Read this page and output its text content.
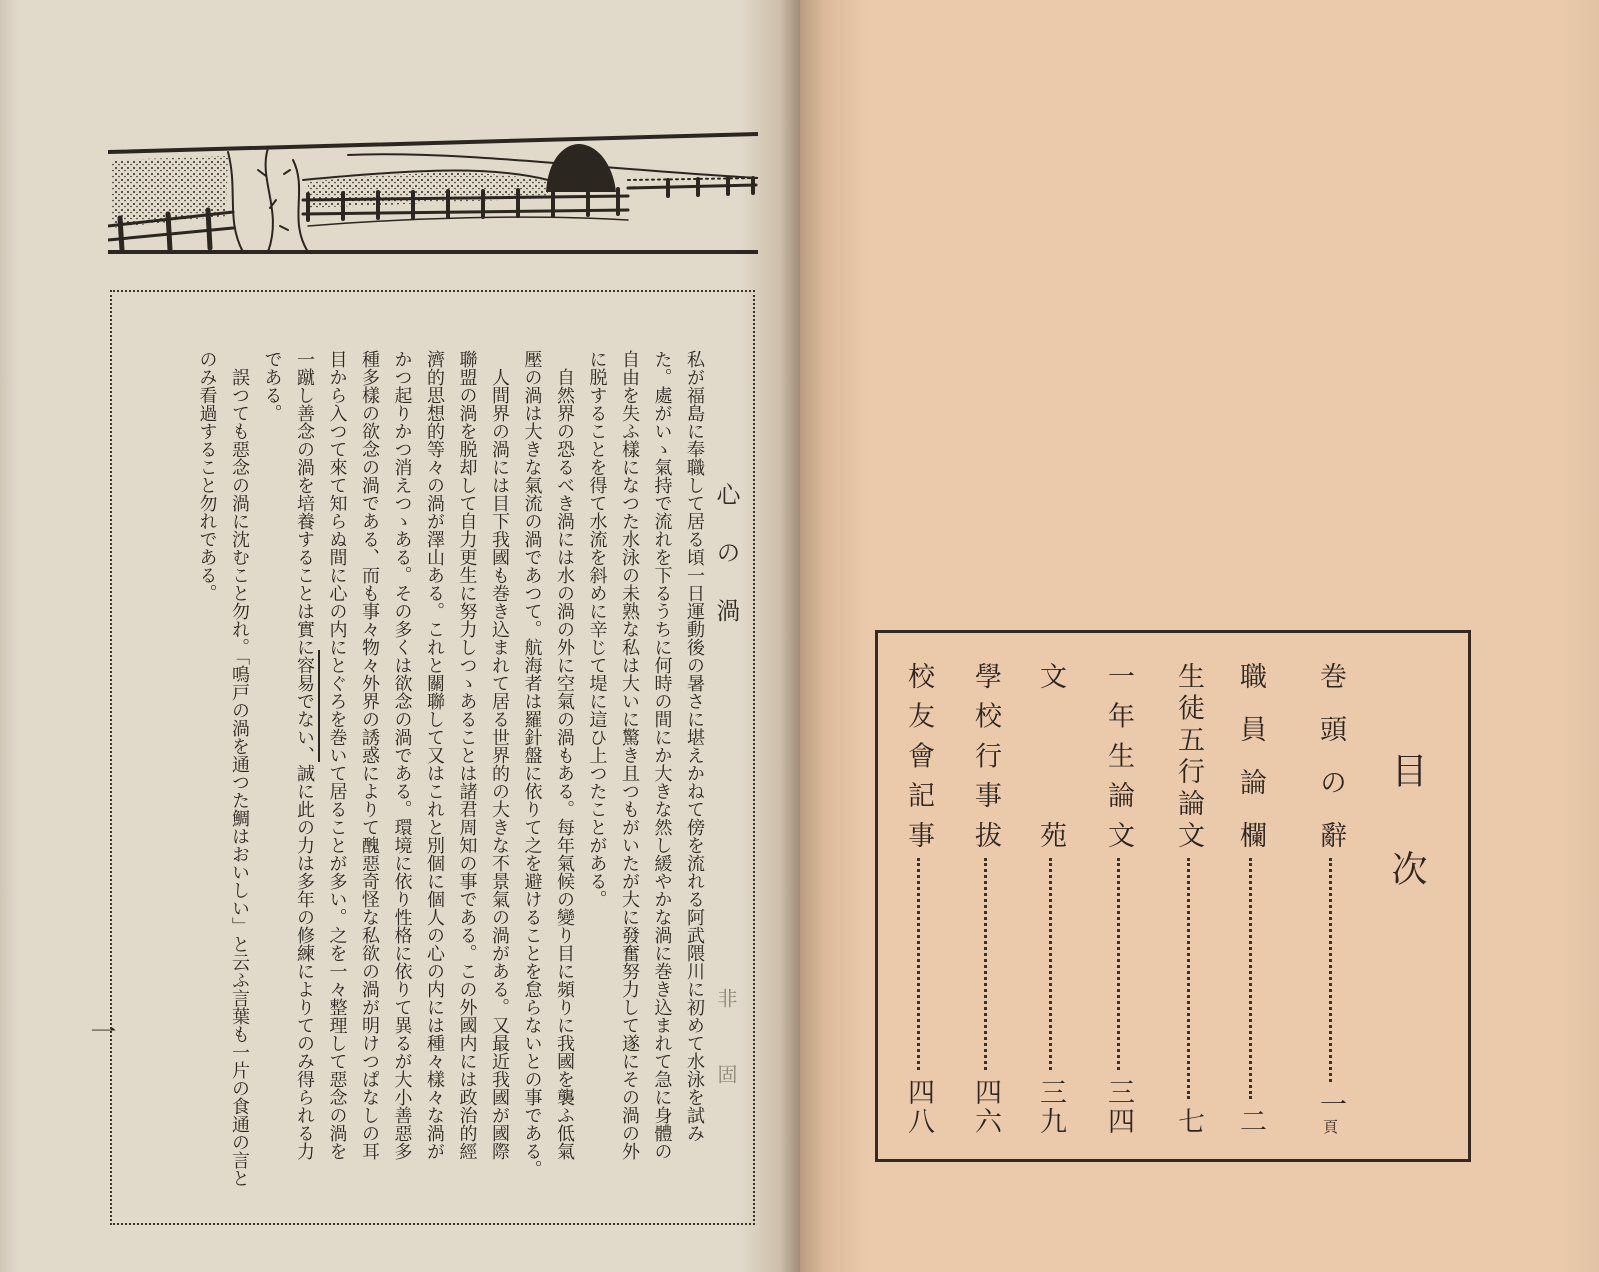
心の渦
非　固
私が福島に奉職して居る頃一日運動後の暑さに堪えかねて傍を流れる阿武隈川に初めて水泳を試み
た。處がいゝ氣持で流れを下るうちに何時の間にか大きな然し緩やかな渦に巻き込まれて急に身體の
自由を失ふ樣になつた水泳の未熟な私は大いに驚き且つもがいたが大に發奮努力して遂にその渦の外
に脱することを得て水流を斜めに辛じて堤に這ひ上つたことがある。
　自然界の恐るべき渦には水の渦の外に空氣の渦もある。每年氣候の變り目に頻りに我國を襲ふ低氣
壓の渦は大きな氣流の渦であつて。航海者は羅針盤に依りて之を避けることを怠らないとの事である。
　人間界の渦には目下我國も巻き込まれて居る世界的の大きな不景氣の渦がある。又最近我國が國際
聯盟の渦を脱却して自力更生に努力しつゝあることは諸君周知の事である。この外國内には政治的經
濟的思想的等々の渦が澤山ある。これと關聯して又はこれと別個に個人の心の内には種々樣々な渦が
かつ起りかつ消えつゝある。その多くは欲念の渦である。環境に依り性格に依りて異るが大小善惡多
種多樣の欲念の渦である、而も事々物々外界の誘惑によりて醜惡奇怪な私欲の渦が明けつぱなしの耳
目から入つて來て知らぬ間に心の内にとぐろを巻いて居ることが多い。之を一々整理して惡念の渦を
一蹴し善念の渦を培養することは實に容易でない、誠に此の力は多年の修練によりてのみ得られる力
である。
　誤つても惡念の渦に沈むこと勿れ。「鳴戸の渦を通つた鯛はおいしい」と云ふ言葉も一片の食通の言と
のみ看過すること勿れである。
一
目次
巻頭の辭
一頁
職員論欄
二
生徒五行論文
七
一年生論文
三四
文　苑
三九
學校行事拔
四六
校友會記事
四八
